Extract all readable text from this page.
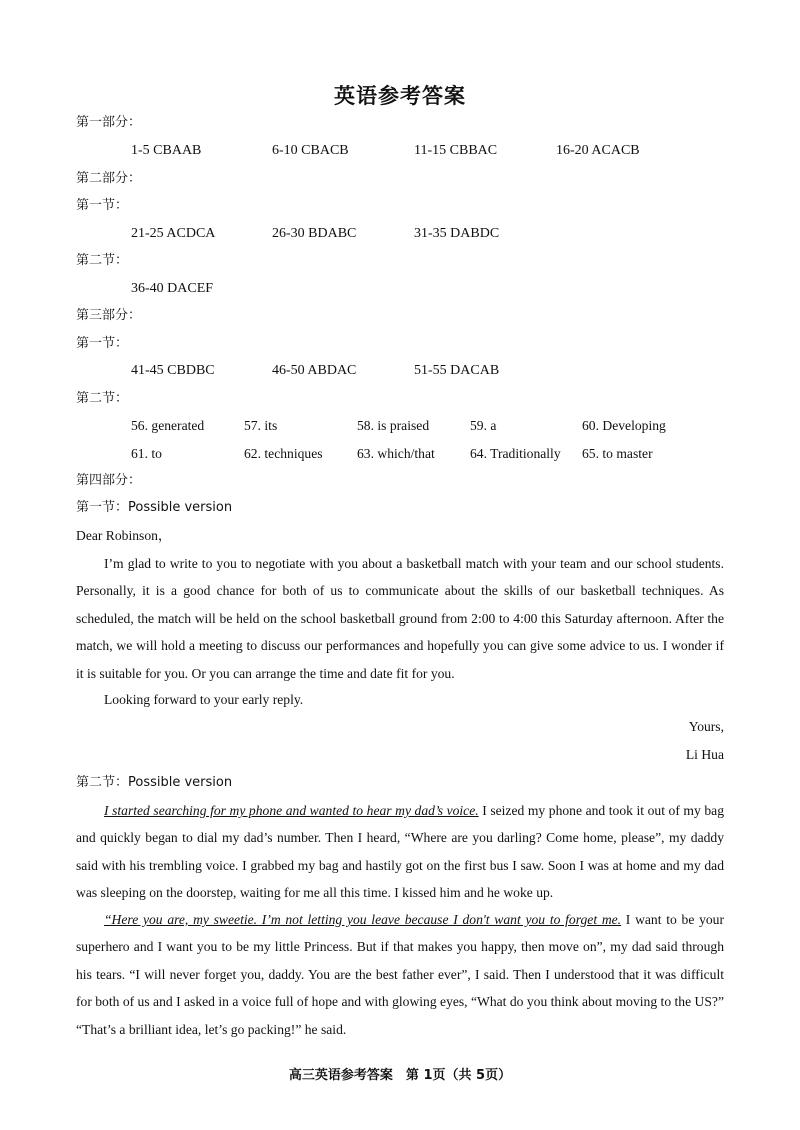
英语参考答案
第一部分：
1-5 CBAAB	6-10 CBACB	11-15 CBBAC	16-20 ACACB
第二部分：
第一节：
21-25 ACDCA	26-30 BDABC	31-35 DABDC
第二节：
36-40 DACEF
第三部分：
第一节：
41-45 CBDBC	46-50 ABDAC	51-55 DACAB
第二节：
56. generated	57. its	58. is praised	59. a	60. Developing
61. to	62. techniques	63. which/that	64. Traditionally 65. to master
第四部分：
第一节：Possible version
Dear Robinson，
I’m glad to write to you to negotiate with you about a basketball match with your team and our school students. Personally, it is a good chance for both of us to communicate about the skills of our basketball techniques. As scheduled, the match will be held on the school basketball ground from 2:00 to 4:00 this Saturday afternoon. After the match, we will hold a meeting to discuss our performances and hopefully you can give some advice to us. I wonder if it is suitable for you. Or you can arrange the time and date fit for you.
Looking forward to your early reply.
Yours,
Li Hua
第二节：Possible version
I started searching for my phone and wanted to hear my dad’s voice. I seized my phone and took it out of my bag and quickly began to dial my dad’s number. Then I heard, “Where are you darling? Come home, please”, my daddy said with his trembling voice. I grabbed my bag and hastily got on the first bus I saw. Soon I was at home and my dad was sleeping on the doorstep, waiting for me all this time. I kissed him and he woke up.
“Here you are, my sweetie. I’m not letting you leave because I don't want you to forget me. I want to be your superhero and I want you to be my little Princess. But if that makes you happy, then move on”, my dad said through his tears. “I will never forget you, daddy. You are the best father ever”, I said. Then I understood that it was difficult for both of us and I asked in a voice full of hope and with glowing eyes, “What do you think about moving to the US?” “That’s a brilliant idea, let’s go packing!” he said.
高三英语参考答案　第 1页（共 5页）
